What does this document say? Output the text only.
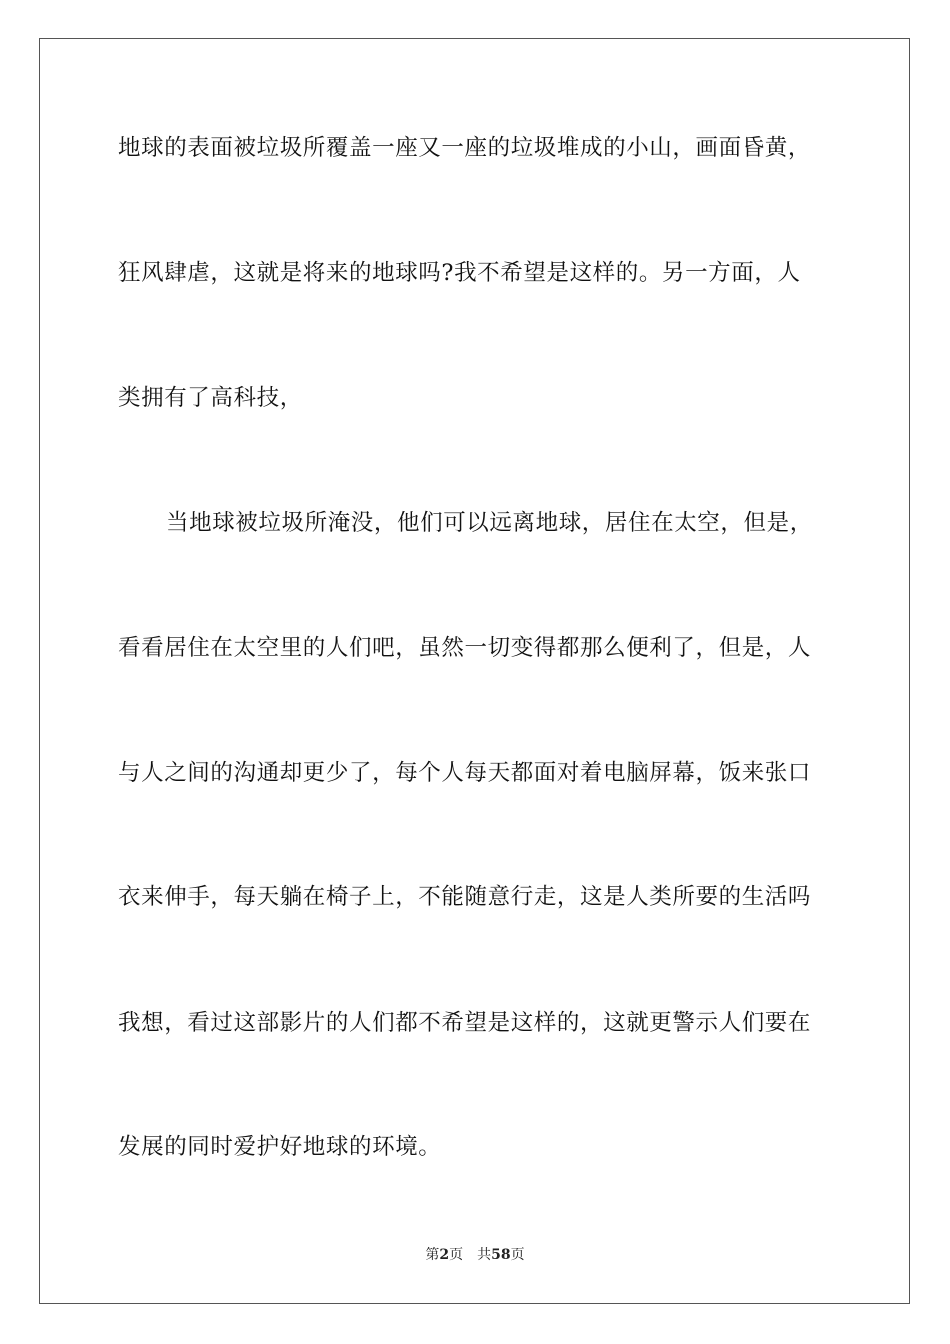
地球的表面被垃圾所覆盖一座又一座的垃圾堆成的小山，画面昏黄，
狂风肆虐，这就是将来的地球吗?我不希望是这样的。另一方面，人
类拥有了高科技，
当地球被垃圾所淹没，他们可以远离地球，居住在太空，但是，
看看居住在太空里的人们吧，虽然一切变得都那么便利了，但是，人
与人之间的沟通却更少了，每个人每天都面对着电脑屏幕，饭来张口
衣来伸手，每天躺在椅子上，不能随意行走，这是人类所要的生活吗
我想，看过这部影片的人们都不希望是这样的，这就更警示人们要在
发展的同时爱护好地球的环境。
第2页 共58页
